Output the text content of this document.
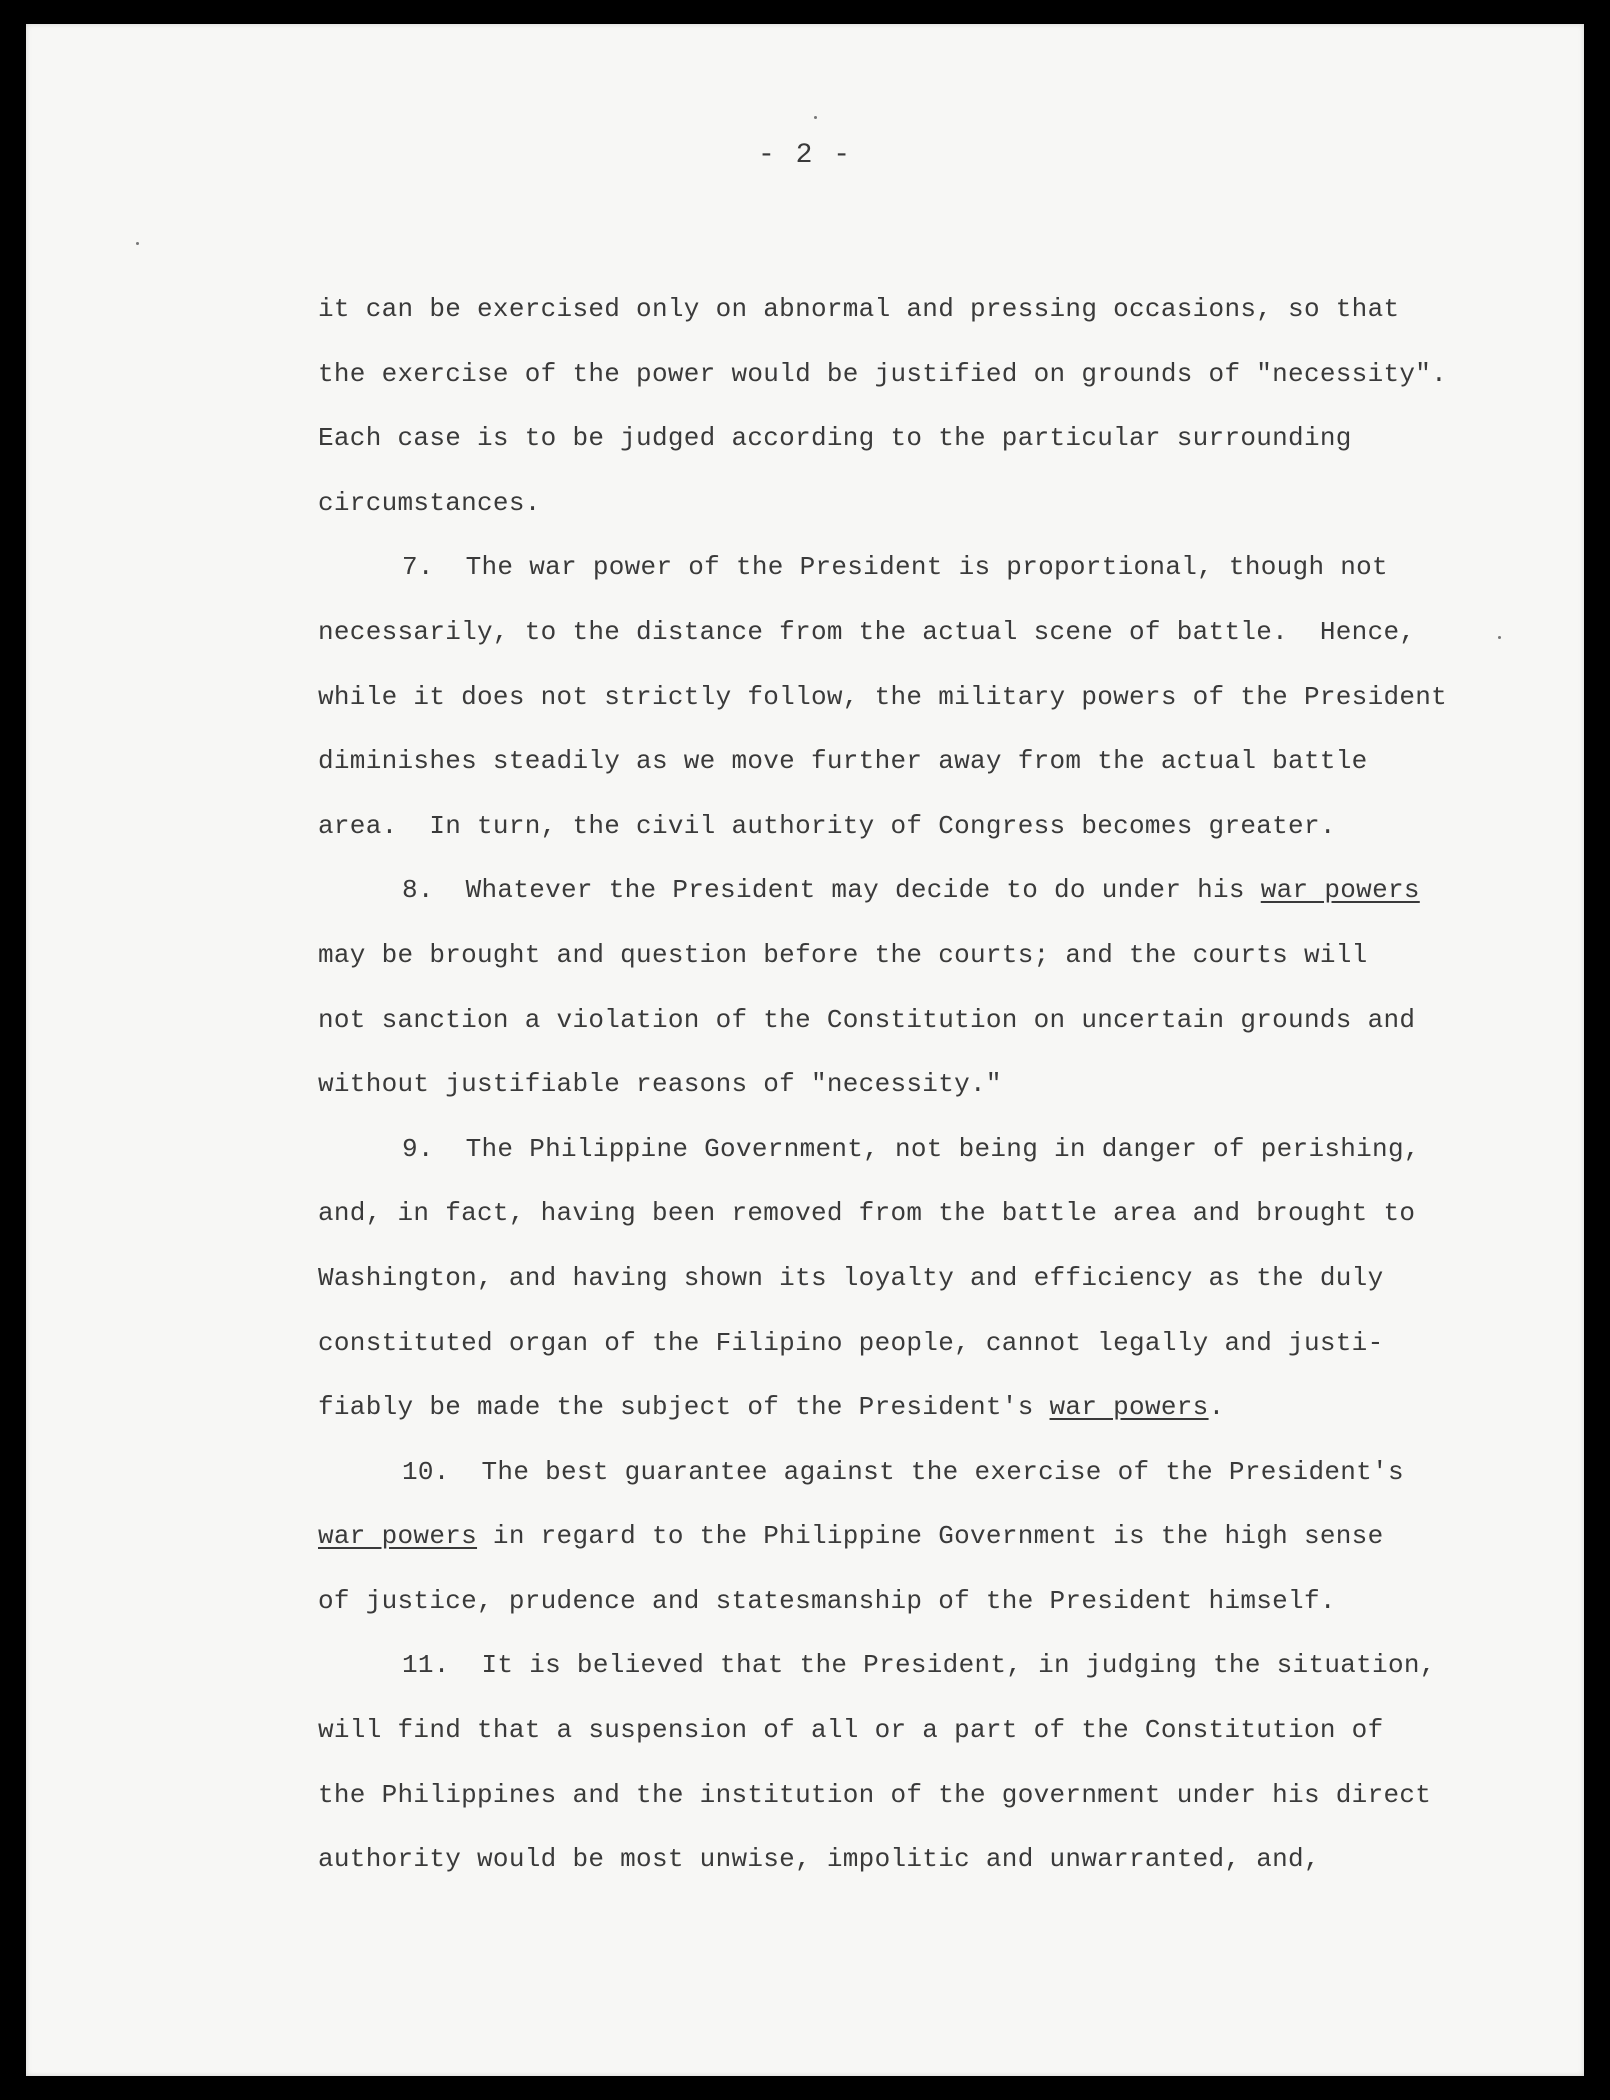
- 2 -
it can be exercised only on abnormal and pressing occasions, so that
the exercise of the power would be justified on grounds of "necessity".
Each case is to be judged according to the particular surrounding
circumstances.
7.  The war power of the President is proportional, though not
necessarily, to the distance from the actual scene of battle.  Hence,
while it does not strictly follow, the military powers of the President
diminishes steadily as we move further away from the actual battle
area.  In turn, the civil authority of Congress becomes greater.
8.  Whatever the President may decide to do under his war powers
may be brought and question before the courts; and the courts will
not sanction a violation of the Constitution on uncertain grounds and
without justifiable reasons of "necessity."
9.  The Philippine Government, not being in danger of perishing,
and, in fact, having been removed from the battle area and brought to
Washington, and having shown its loyalty and efficiency as the duly
constituted organ of the Filipino people, cannot legally and justi-
fiably be made the subject of the President's war powers.
10.  The best guarantee against the exercise of the President's
war powers in regard to the Philippine Government is the high sense
of justice, prudence and statesmanship of the President himself.
11.  It is believed that the President, in judging the situation,
will find that a suspension of all or a part of the Constitution of
the Philippines and the institution of the government under his direct
authority would be most unwise, impolitic and unwarranted, and,
